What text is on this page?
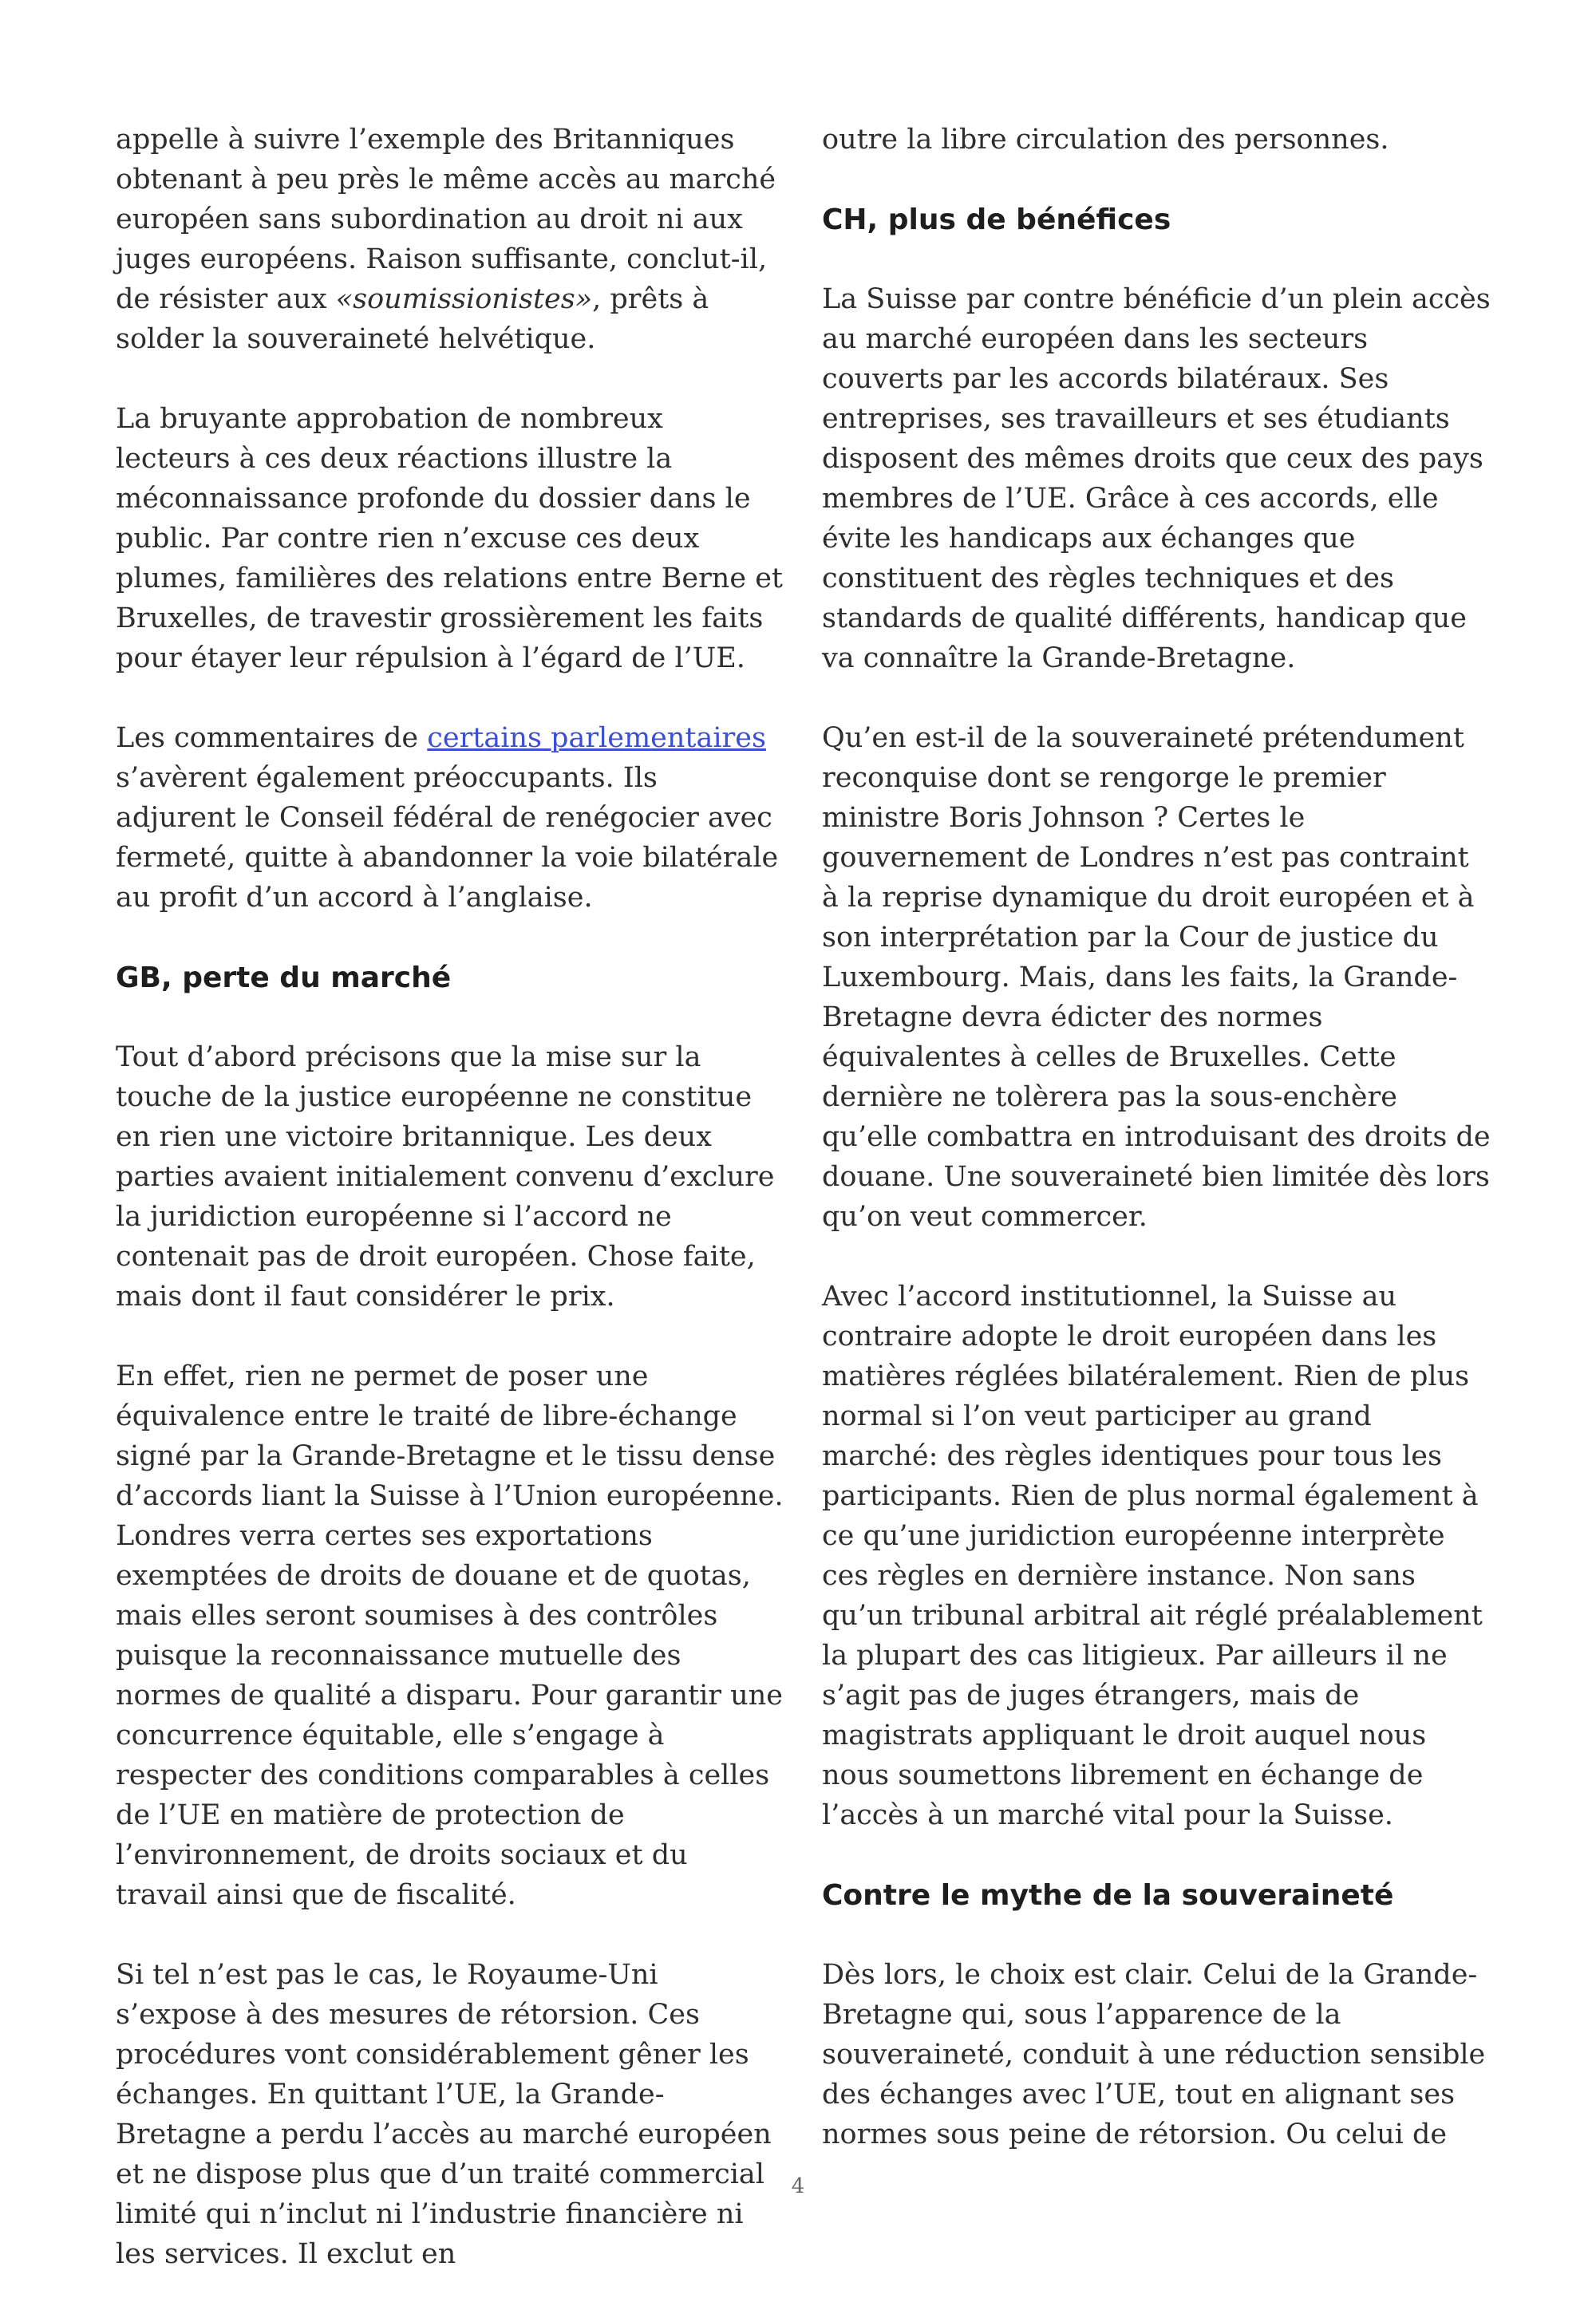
appelle à suivre l’exemple des Britanniques obtenant à peu près le même accès au marché européen sans subordination au droit ni aux juges européens. Raison suffisante, conclut-il, de résister aux «soumissionistes», prêts à solder la souveraineté helvétique.

La bruyante approbation de nombreux lecteurs à ces deux réactions illustre la méconnaissance profonde du dossier dans le public. Par contre rien n’excuse ces deux plumes, familières des relations entre Berne et Bruxelles, de travestir grossièrement les faits pour étayer leur répulsion à l’égard de l’UE.

Les commentaires de certains parlementaires s’avèrent également préoccupants. Ils adjurent le Conseil fédéral de renégocier avec fermeté, quitte à abandonner la voie bilatérale au profit d’un accord à l’anglaise.

GB, perte du marché

Tout d’abord précisons que la mise sur la touche de la justice européenne ne constitue en rien une victoire britannique. Les deux parties avaient initialement convenu d’exclure la juridiction européenne si l’accord ne contenait pas de droit européen. Chose faite, mais dont il faut considérer le prix.

En effet, rien ne permet de poser une équivalence entre le traité de libre-échange signé par la Grande-Bretagne et le tissu dense d’accords liant la Suisse à l’Union européenne. Londres verra certes ses exportations exemptées de droits de douane et de quotas, mais elles seront soumises à des contrôles puisque la reconnaissance mutuelle des normes de qualité a disparu. Pour garantir une concurrence équitable, elle s’engage à respecter des conditions comparables à celles de l’UE en matière de protection de l’environnement, de droits sociaux et du travail ainsi que de fiscalité.

Si tel n’est pas le cas, le Royaume-Uni s’expose à des mesures de rétorsion. Ces procédures vont considérablement gêner les échanges. En quittant l’UE, la Grande-Bretagne a perdu l’accès au marché européen et ne dispose plus que d’un traité commercial limité qui n’inclut ni l’industrie financière ni les services. Il exclut en

outre la libre circulation des personnes.

CH, plus de bénéfices

La Suisse par contre bénéficie d’un plein accès au marché européen dans les secteurs couverts par les accords bilatéraux. Ses entreprises, ses travailleurs et ses étudiants disposent des mêmes droits que ceux des pays membres de l’UE. Grâce à ces accords, elle évite les handicaps aux échanges que constituent des règles techniques et des standards de qualité différents, handicap que va connaître la Grande-Bretagne.

Qu’en est-il de la souveraineté prétendument reconquise dont se rengorge le premier ministre Boris Johnson ? Certes le gouvernement de Londres n’est pas contraint à la reprise dynamique du droit européen et à son interprétation par la Cour de justice du Luxembourg. Mais, dans les faits, la Grande-Bretagne devra édicter des normes équivalentes à celles de Bruxelles. Cette dernière ne tolèrera pas la sous-enchère qu’elle combattra en introduisant des droits de douane. Une souveraineté bien limitée dès lors qu’on veut commercer.

Avec l’accord institutionnel, la Suisse au contraire adopte le droit européen dans les matières réglées bilatéralement. Rien de plus normal si l’on veut participer au grand marché: des règles identiques pour tous les participants. Rien de plus normal également à ce qu’une juridiction européenne interprète ces règles en dernière instance. Non sans qu’un tribunal arbitral ait réglé préalablement la plupart des cas litigieux. Par ailleurs il ne s’agit pas de juges étrangers, mais de magistrats appliquant le droit auquel nous nous soumettons librement en échange de l’accès à un marché vital pour la Suisse.

Contre le mythe de la souveraineté

Dès lors, le choix est clair. Celui de la Grande-Bretagne qui, sous l’apparence de la souveraineté, conduit à une réduction sensible des échanges avec l’UE, tout en alignant ses normes sous peine de rétorsion. Ou celui de

4
